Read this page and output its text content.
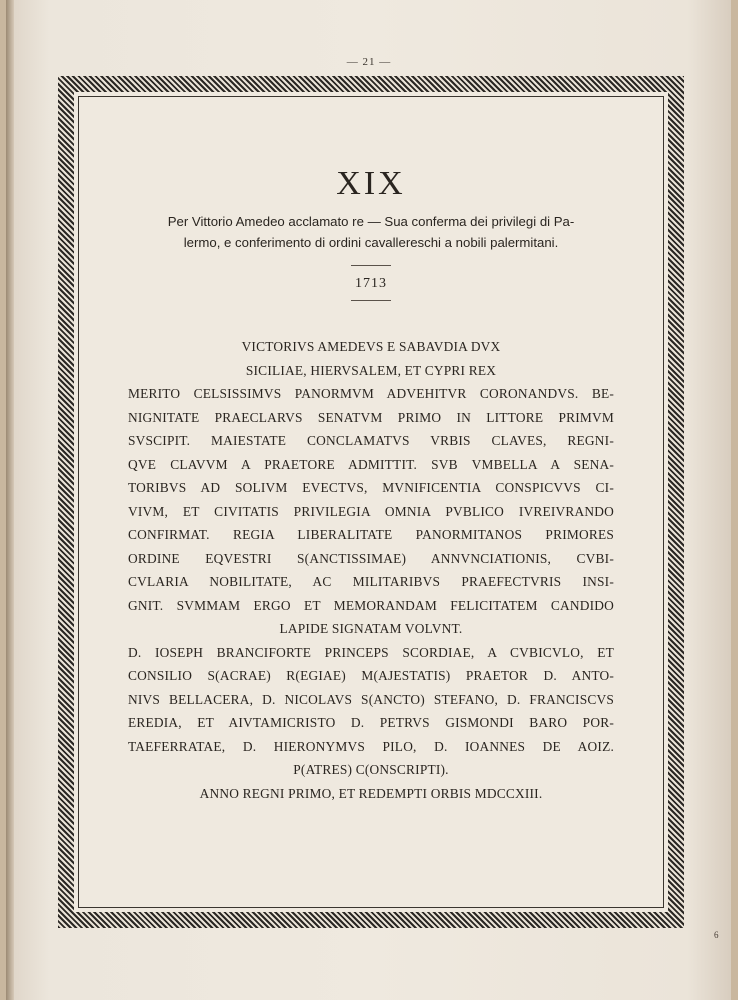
— 21 —
XIX
Per Vittorio Amedeo acclamato re — Sua conferma dei privilegi di Pa-
lermo, e conferimento di ordini cavallereschi a nobili palermitani.
1713
VICTORIVS AMEDEVS E SABAVDIA DVX
SICILIAE, HIERVSALEM, ET CYPRI REX
MERITO CELSISSIMVS PANORMVM ADVEHITVR CORONANDVS. BE-
NIGNITATE PRAECLARVS SENATVM PRIMO IN LITTORE PRIMVM
SVSCIPIT. MAIESTATE CONCLAMATVS VRBIS CLAVES, REGNI-
QVE CLAVVM A PRAETORE ADMITTIT. SVB VMBELLA A SENA-
TORIBVS AD SOLIVM EVECTVS, MVNIFICENTIA CONSPICVVS CI-
VIVM, ET CIVITATIS PRIVILEGIA OMNIA PVBLICO IVREIVRANDO
CONFIRMAT. REGIA LIBERALITATE PANORMITANOS PRIMORES
ORDINE EQVESTRI S(ANCTISSIMAE) ANNVNCIATIONIS, CVBI-
CVLARIA NOBILITATE, AC MILITARIBVS PRAEFECTVRIS INSI-
GNIT. SVMMAM ERGO ET MEMORANDAM FELICITATEM CANDIDO
LAPIDE SIGNATAM VOLVNT.
D. IOSEPH BRANCIFORTE PRINCEPS SCORDIAE, A CVBICVLO, ET
CONSILIO S(ACRAE) R(EGIAE) M(AJESTATIS) PRAETOR D. ANTO-
NIVS BELLACERA, D. NICOLAVS S(ANCTO) STEFANO, D. FRANCISCVS
EREDIA, ET AIVTAMICRISTO D. PETRVS GISMONDI BARO POR-
TAEFERRATAE, D. HIERONYMVS PILO, D. IOANNES DE AOIZ.
P(ATRES) C(ONSCRIPTI).
ANNO REGNI PRIMO, ET REDEMPTI ORBIS MDCCXIII.
6
